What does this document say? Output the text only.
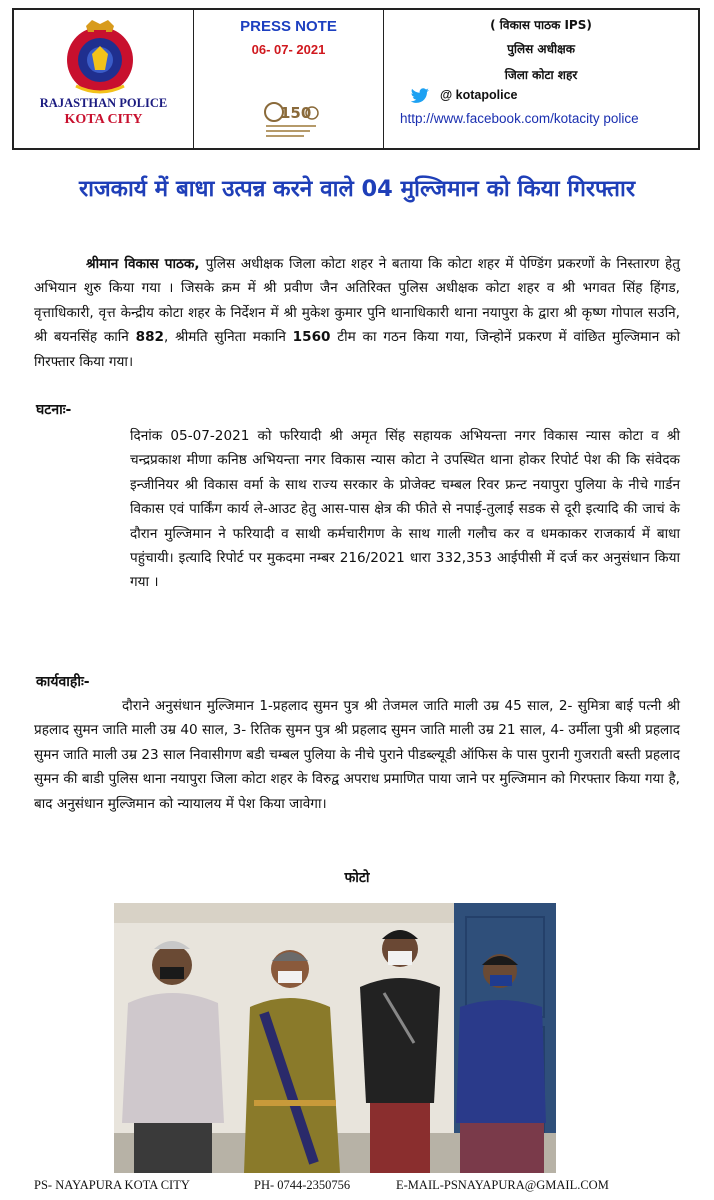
RAJASTHAN POLICE
KOTA CITY
PRESS NOTE
06- 07- 2021
150
( विकास पाठक IPS)
पुलिस अधीक्षक
जिला कोटा शहर
@ kotapolice
http://www.facebook.com/kotacity police
राजकार्य में बाधा उत्पन्न करने वाले 04 मुल्जिमान को किया गिरफ्तार
श्रीमान विकास पाठक, पुलिस अधीक्षक जिला कोटा शहर ने बताया कि कोटा शहर में पेण्डिंग प्रकरणों के निस्तारण हेतु अभियान शुरु किया गया । जिसके क्रम में श्री प्रवीण जैन अतिरिक्त पुलिस अधीक्षक कोटा शहर व श्री भगवत सिंह हिंगड, वृत्ताधिकारी, वृत्त केन्द्रीय कोटा शहर के निर्देशन में श्री मुकेश कुमार पुनि थानाधिकारी थाना नयापुरा के द्वारा श्री कृष्ण गोपाल सउनि, श्री बयनसिंह कानि 882, श्रीमति सुनिता मकानि 1560 टीम का गठन किया गया, जिन्होनें प्रकरण में वांछित मुल्जिमान को गिरफ्तार किया गया।
घटनाः-
दिनांक 05-07-2021 को फरियादी श्री अमृत सिंह सहायक अभियन्ता नगर विकास न्यास कोटा व श्री चन्द्रप्रकाश मीणा कनिष्ठ अभियन्ता नगर विकास न्यास कोटा ने उपस्थित थाना होकर रिपोर्ट पेश की कि संवेदक इन्जीनियर श्री विकास वर्मा के साथ राज्य सरकार के प्रोजेक्ट चम्बल रिवर फ्रन्ट नयापुरा पुलिया के नीचे गार्डन विकास एवं पार्किंग कार्य ले-आउट हेतु आस-पास क्षेत्र की फीते से नपाई-तुलाई सडक से दूरी इत्यादि की जाचं के दौरान मुल्जिमान ने फरियादी व साथी कर्मचारीगण के साथ गाली गलौच कर व धमकाकर राजकार्य में बाधा पहुंचायी। इत्यादि रिपोर्ट पर मुकदमा नम्बर 216/2021 धारा 332,353 आईपीसी में दर्ज कर अनुसंधान किया गया ।
कार्यवाहीः-
दौराने अनुसंधान मुल्जिमान 1-प्रहलाद सुमन पुत्र श्री तेजमल जाति माली उम्र 45 साल, 2- सुमित्रा बाई पत्नी श्री प्रहलाद सुमन जाति माली उम्र 40 साल, 3- रितिक सुमन पुत्र श्री प्रहलाद सुमन जाति माली उम्र 21 साल, 4- उर्मीला पुत्री श्री प्रहलाद सुमन जाति माली उम्र 23 साल निवासीगण बडी चम्बल पुलिया के नीचे पुराने पीडब्ल्यूडी ऑफिस के पास पुरानी गुजराती बस्ती प्रहलाद सुमन की बाडी पुलिस थाना नयापुरा जिला कोटा शहर के विरुद्व अपराध प्रमाणित पाया जाने पर मुल्जिमान को गिरफ्तार किया गया है, बाद अनुसंधान मुल्जिमान को न्यायालय में पेश किया जावेगा।
फोटो
PS- NAYAPURA KOTA CITY	PH- 0744-2350756	E-MAIL-PSNAYAPURA@GMAIL.COM
